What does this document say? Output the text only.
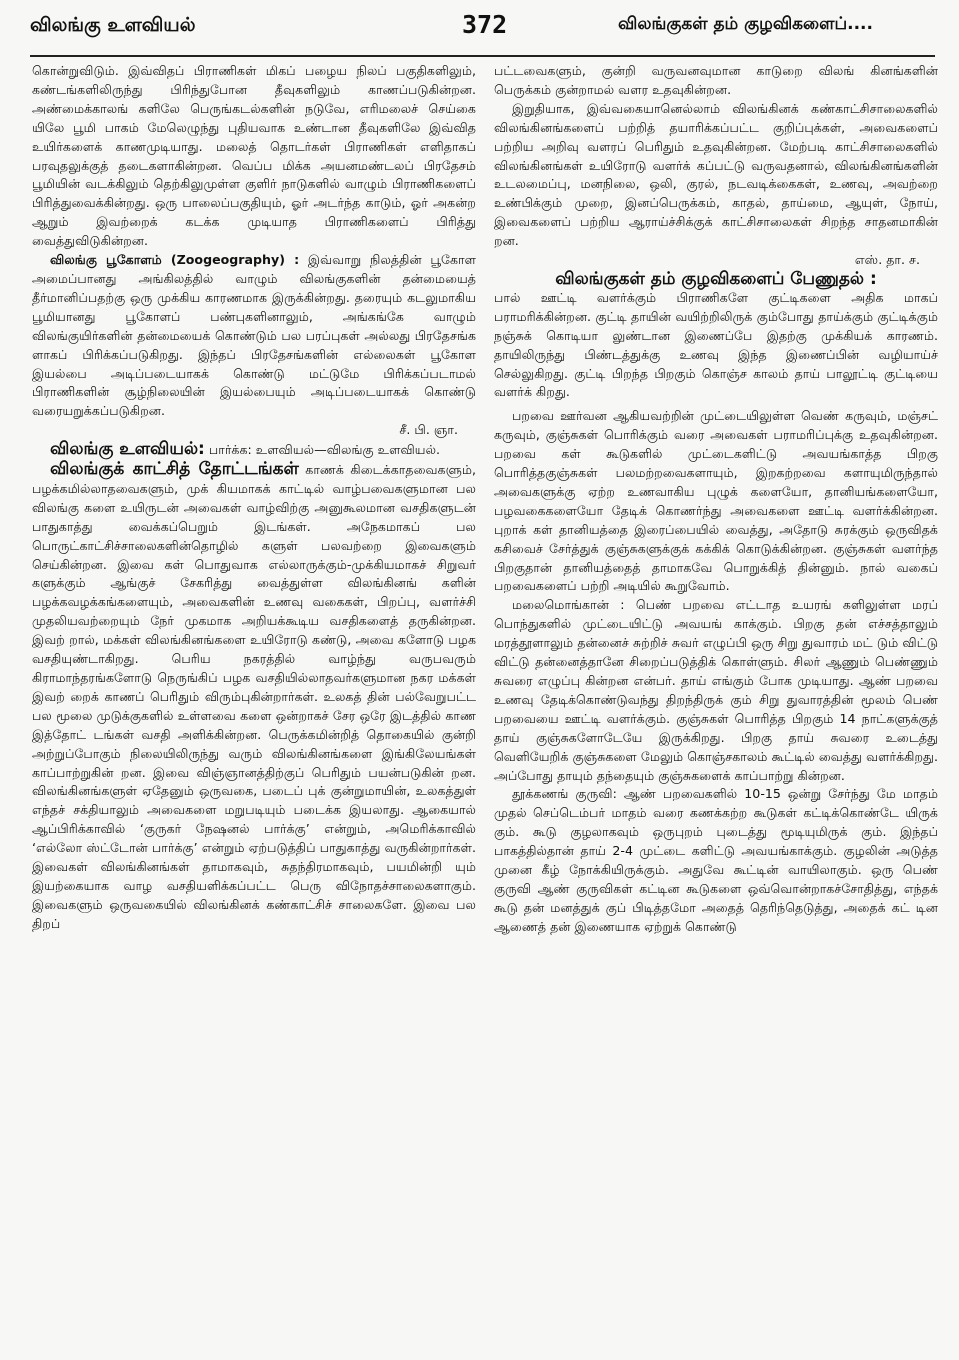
விலங்கு உளவியல்	372	விலங்குகள் தம் குழவிகளைப்....

கொன்றுவிடும். இவ்விதப் பிராணிகள் மிகப் பழைய நிலப் பகுதிகளிலும், கண்டங்களிலிருந்து பிரிந்துபோன தீவுகளிலும் காணப்படுகின்றன. அண்மைக்காலங் களிலே பெருங்கடல்களின் நடுவே, எரிமலைச் செய்கை யிலே பூமி பாகம் மேலெழுந்து புதியவாக உண்டான தீவுகளிலே இவ்வித உயிர்களைக் காணமுடியாது. மலைத் தொடர்கள் பிராணிகள் எளிதாகப் பரவுதலுக்குத் தடைகளாகின்றன. வெப்ப மிக்க அயனமண்டலப் பிரதேசம் பூமியின் வடக்கிலும் தெற்கிலுமுள்ள குளிர் நாடுகளில் வாழும் பிராணிகளைப் பிரித்துவைக்கின்றது. ஒரு பாலைப்பகுதியும், ஓர் அடர்ந்த காடும், ஓர் அகன்ற ஆறும் இவற்றைக் கடக்க முடியாத பிராணிகளைப் பிரித்து வைத்துவிடுகின்றன.

விலங்கு பூகோளம் (Zoogeography) : இவ்வாறு நிலத்தின் பூகோள அமைப்பானது அங்கிலத்தில் வாழும் விலங்குகளின் தன்மையைத் தீர்மானிப்பதற்கு ஒரு முக்கிய காரணமாக இருக்கின்றது. தரையும் கடலுமாகிய பூமியானது பூகோளப் பண்புகளினாலும், அங்கங்கே வாழும் விலங்குயிர்களின் தன்மையைக் கொண்டும் பல பரப்புகள் அல்லது பிரதேசங்க ளாகப் பிரிக்கப்படுகிறது. இந்தப் பிரதேசங்களின் எல்லைகள் பூகோள இயல்பை அடிப்படையாகக் கொண்டு மட்டுமே பிரிக்கப்படாமல் பிராணிகளின் சூழ்நிலையின் இயல்பையும் அடிப்படையாகக் கொண்டு வரையறுக்கப்படுகிறன.

சீ. பி. ஞா.

விலங்கு உளவியல்: பார்க்க: உளவியல்—விலங்கு உளவியல்.

விலங்குக் காட்சித் தோட்டங்கள் காணக் கிடைக்காதவைகளும், பழக்கமில்லாதவைகளும், முக் கியமாகக் காட்டில் வாழ்பவைகளுமான பல விலங்கு களை உயிருடன் அவைகள் வாழ்விற்கு அனுகூலமான வசதிகளுடன் பாதுகாத்து வைக்கப்பெறும் இடங்கள். அநேகமாகப் பல பொருட்காட்சிச்சாலைகளின்தொழில் களுள் பலவற்றை இவைகளும் செய்கின்றன. இவை கள் பொதுவாக எல்லாருக்கும்-முக்கியமாகச் சிறுவர் களுக்கும் ஆங்குச் சேகரித்து வைத்துள்ள விலங்கினங் களின் பழக்கவழக்கங்களையும், அவைகளின் உணவு வகைகள், பிறப்பு, வளர்ச்சி முதலியவற்றையும் நேர் முகமாக அறியக்கூடிய வசதிகளைத் தருகின்றன. இவற் றால், மக்கள் விலங்கினங்களை உயிரோடு கண்டு, அவை களோடு பழக வசதியுண்டாகிறது. பெரிய நகரத்தில் வாழ்ந்து வருபவரும் கிராமாந்தரங்களோடு நெருங்கிப் பழக வசதியில்லாதவர்களுமான நகர மக்கள் இவற் றைக் காணப் பெரிதும் விரும்புகின்றார்கள். உலகத் தின் பல்வேறுபட்ட பல மூலை முடுக்குகளில் உள்ளவை களை ஒன்றாகச் சேர ஒரே இடத்தில் காண இத்தோட் டங்கள் வசதி அளிக்கின்றன. பெருக்கமின்றித் தொகையில் குன்றி அற்றுப்போகும் நிலையிலிருந்து வரும் விலங்கினங்களை இங்கிலேயங்கள் காப்பாற்றுகின் றன. இவை விஞ்ஞானத்திற்குப் பெரிதும் பயன்படுகின் றன. விலங்கினங்களுள் ஏதேனும் ஒருவகை, படைப் புக் குன்றுமாயின், உலகத்துள் எந்தச் சக்தியாலும் அவைகளை மறுபடியும் படைக்க இயலாது. ஆகையால் ஆப்பிரிக்காவில் ‘குருகர் நேஷனல் பார்க்கு’ என்றும், அமெரிக்காவில் ‘எல்லோ ஸ்ட்டோன் பார்க்கு’ என்றும் ஏற்படுத்திப் பாதுகாத்து வருகின்றார்கள். இவைகள் விலங்கினங்கள் தாமாகவும், சுதந்திரமாகவும், பயமின்றி யும் இயற்கையாக வாழ வசதியளிக்கப்பட்ட பெரு விநோதச்சாலைகளாகும். இவைகளும் ஒருவகையில் விலங்கினக் கண்காட்சிச் சாலைகளே. இவை பல திறப்

பட்டவைகளும், குன்றி வருவனவுமான காடுறை விலங் கினங்களின் பெருக்கம் குன்றாமல் வளர உதவுகின்றன.

இறுதியாக, இவ்வகையானெல்லாம் விலங்கினக் கண்காட்சிசாலைகளில் விலங்கினங்களைப் பற்றித் தயாரிக்கப்பட்ட குறிப்புக்கள், அவைகளைப் பற்றிய அறிவு வளரப் பெரிதும் உதவுகின்றன. மேற்படி காட்சிசாலைகளில் விலங்கினங்கள் உயிரோடு வளர்க் கப்பட்டு வருவதனால், விலங்கினங்களின் உடலமைப்பு, மனநிலை, ஒலி, குரல், நடவடிக்கைகள், உணவு, அவற்றை உண்பிக்கும் முறை, இனப்பெருக்கம், காதல், தாய்மை, ஆயுள், நோய், இவைகளைப் பற்றிய ஆராய்ச்சிக்குக் காட்சிசாலைகள் சிறந்த சாதனமாகின் றன.

எஸ். தா. ச.

விலங்குகள் தம் குழவிகளைப் பேணுதல் :

பால் ஊட்டி வளர்க்கும் பிராணிகளே குட்டிகளை அதிக மாகப் பராமரிக்கின்றன. குட்டி தாயின் வயிற்றிலிருக் கும்போது தாய்க்கும் குட்டிக்கும் நஞ்சுக் கொடியா லுண்டான இணைப்பே இதற்கு முக்கியக் காரணம். தாயிலிருந்து பிண்டத்துக்கு உணவு இந்த இணைப்பின் வழியாய்ச் செல்லுகிறது. குட்டி பிறந்த பிறகும் கொஞ்ச காலம் தாய் பாலூட்டி குட்டியை வளர்க் கிறது.

பறவை ஊர்வன ஆகியவற்றின் முட்டையிலுள்ள வெண் கருவும், மஞ்சட் கருவும், குஞ்சுகள் பொரிக்கும் வரை அவைகள் பராமரிப்புக்கு உதவுகின்றன. பறவை கள் கூடுகளில் முட்டைகளிட்டு அவயங்காத்த பிறகு பொரித்தகுஞ்சுகள் பலமற்றவைகளாயும், இறகற்றவை களாயுமிருந்தால் அவைகளுக்கு ஏற்ற உணவாகிய புழுக் களையோ, தானியங்களையோ, பழவகைகளையோ தேடிக் கொணர்ந்து அவைகளை ஊட்டி வளர்க்கின்றன. புறாக் கள் தானியத்தை இரைப்பையில் வைத்து, அதோடு சுரக்கும் ஒருவிதக் கசிவைச் சேர்த்துக் குஞ்சுகளுக்குக் கக்கிக் கொடுக்கின்றன. குஞ்சுகள் வளர்ந்த பிறகுதான் தானியத்தைத் தாமாகவே பொறுக்கித் தின்னும். நால் வகைப் பறவைகளைப் பற்றி அடியில் கூறுவோம்.

மலைமொங்கான் : பெண் பறவை எட்டாத உயரங் களிலுள்ள மரப் பொந்துகளில் முட்டையிட்டு அவயங் காக்கும். பிறகு தன் எச்சத்தாலும் மரத்தூளாலும் தன்னைச் சுற்றிச் சுவர் எழுப்பி ஒரு சிறு துவாரம் மட் டும் விட்டு விட்டு தன்னைத்தானே சிறைப்படுத்திக் கொள்ளும். சிலர் ஆணும் பெண்ணும் சுவரை எழுப்பு கின்றன என்பர். தாய் எங்கும் போக முடியாது. ஆண் பறவை உணவு தேடிக்கொண்டுவந்து திறந்திருக் கும் சிறு துவாரத்தின் மூலம் பெண் பறவையை ஊட்டி வளர்க்கும். குஞ்சுகள் பொரித்த பிறகும் 14 நாட்களுக்குத் தாய் குஞ்சுகளோடேயே இருக்கிறது. பிறகு தாய் சுவரை உடைத்து வெளியேறிக் குஞ்சுகளை மேலும் கொஞ்சகாலம் கூட்டில் வைத்து வளர்க்கிறது. அப்போது தாயும் தந்தையும் குஞ்சுகளைக் காப்பாற்று கின்றன.

தூக்கணங் குருவி: ஆண் பறவைகளில் 10-15 ஒன்று சேர்ந்து மே மாதம் முதல் செப்டெம்பர் மாதம் வரை கணக்கற்ற கூடுகள் கட்டிக்கொண்டே யிருக் கும். கூடு குழலாகவும் ஒருபுறம் புடைத்து மூடியுமிருக் கும். இந்தப் பாகத்தில்தான் தாய் 2-4 முட்டை களிட்டு அவயங்காக்கும். குழலின் அடுத்த முனை கீழ் நோக்கியிருக்கும். அதுவே கூட்டின் வாயிலாகும். ஒரு பெண் குருவி ஆண் குருவிகள் கட்டின கூடுகளை ஒவ்வொன்றாகச்சோதித்து, எந்தக் கூடு தன் மனத்துக் குப் பிடித்தமோ அதைத் தெரிந்தெடுத்து, அதைக் கட் டின ஆணைத் தன் இணையாக ஏற்றுக் கொண்டு
